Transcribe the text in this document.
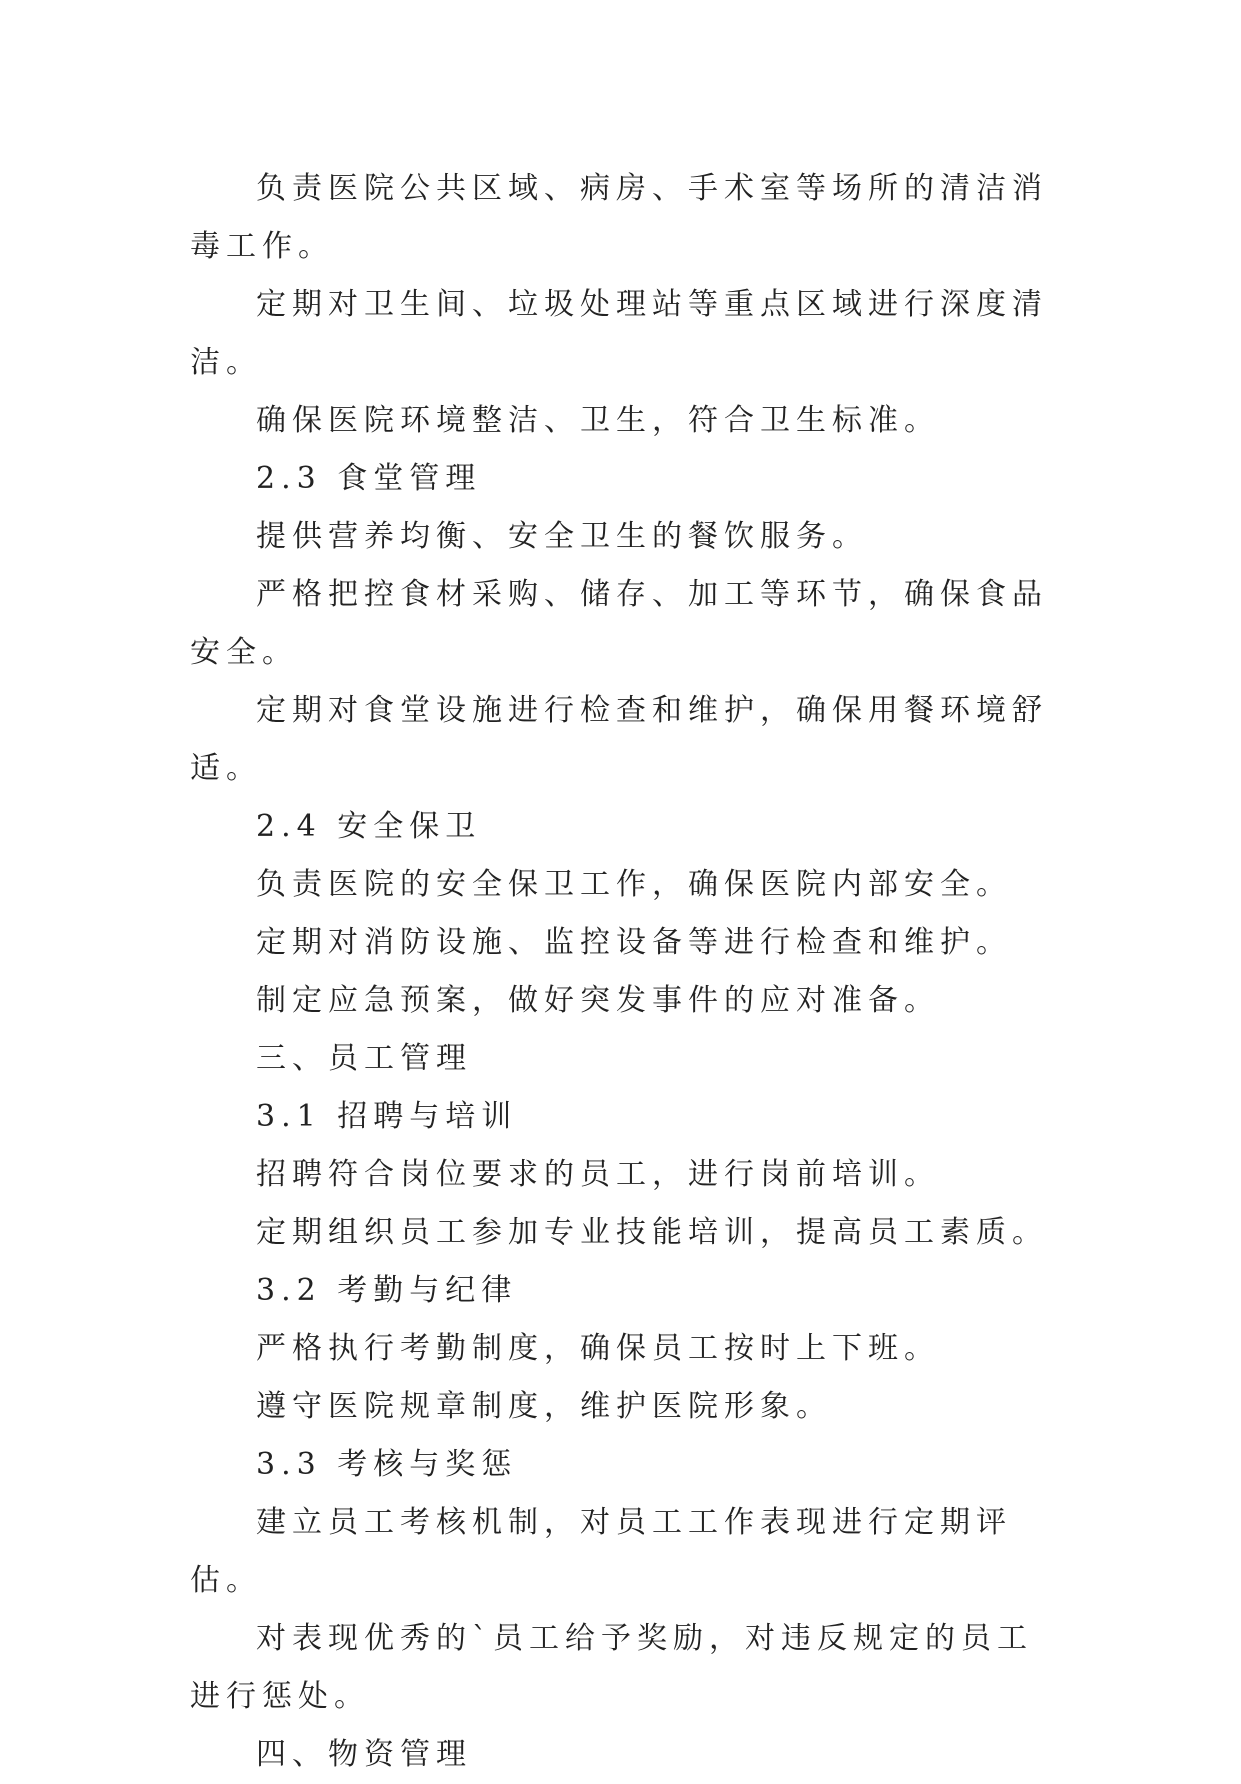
负责医院公共区域、病房、手术室等场所的清洁消毒工作。

定期对卫生间、垃圾处理站等重点区域进行深度清洁。

确保医院环境整洁、卫生，符合卫生标准。

2.3 食堂管理

提供营养均衡、安全卫生的餐饮服务。

严格把控食材采购、储存、加工等环节，确保食品安全。

定期对食堂设施进行检查和维护，确保用餐环境舒适。

2.4 安全保卫

负责医院的安全保卫工作，确保医院内部安全。

定期对消防设施、监控设备等进行检查和维护。

制定应急预案，做好突发事件的应对准备。

三、员工管理

3.1 招聘与培训

招聘符合岗位要求的员工，进行岗前培训。

定期组织员工参加专业技能培训，提高员工素质。

3.2 考勤与纪律

严格执行考勤制度，确保员工按时上下班。

遵守医院规章制度，维护医院形象。

3.3 考核与奖惩

建立员工考核机制，对员工工作表现进行定期评估。

对表现优秀的`员工给予奖励，对违反规定的员工进行惩处。

四、物资管理
